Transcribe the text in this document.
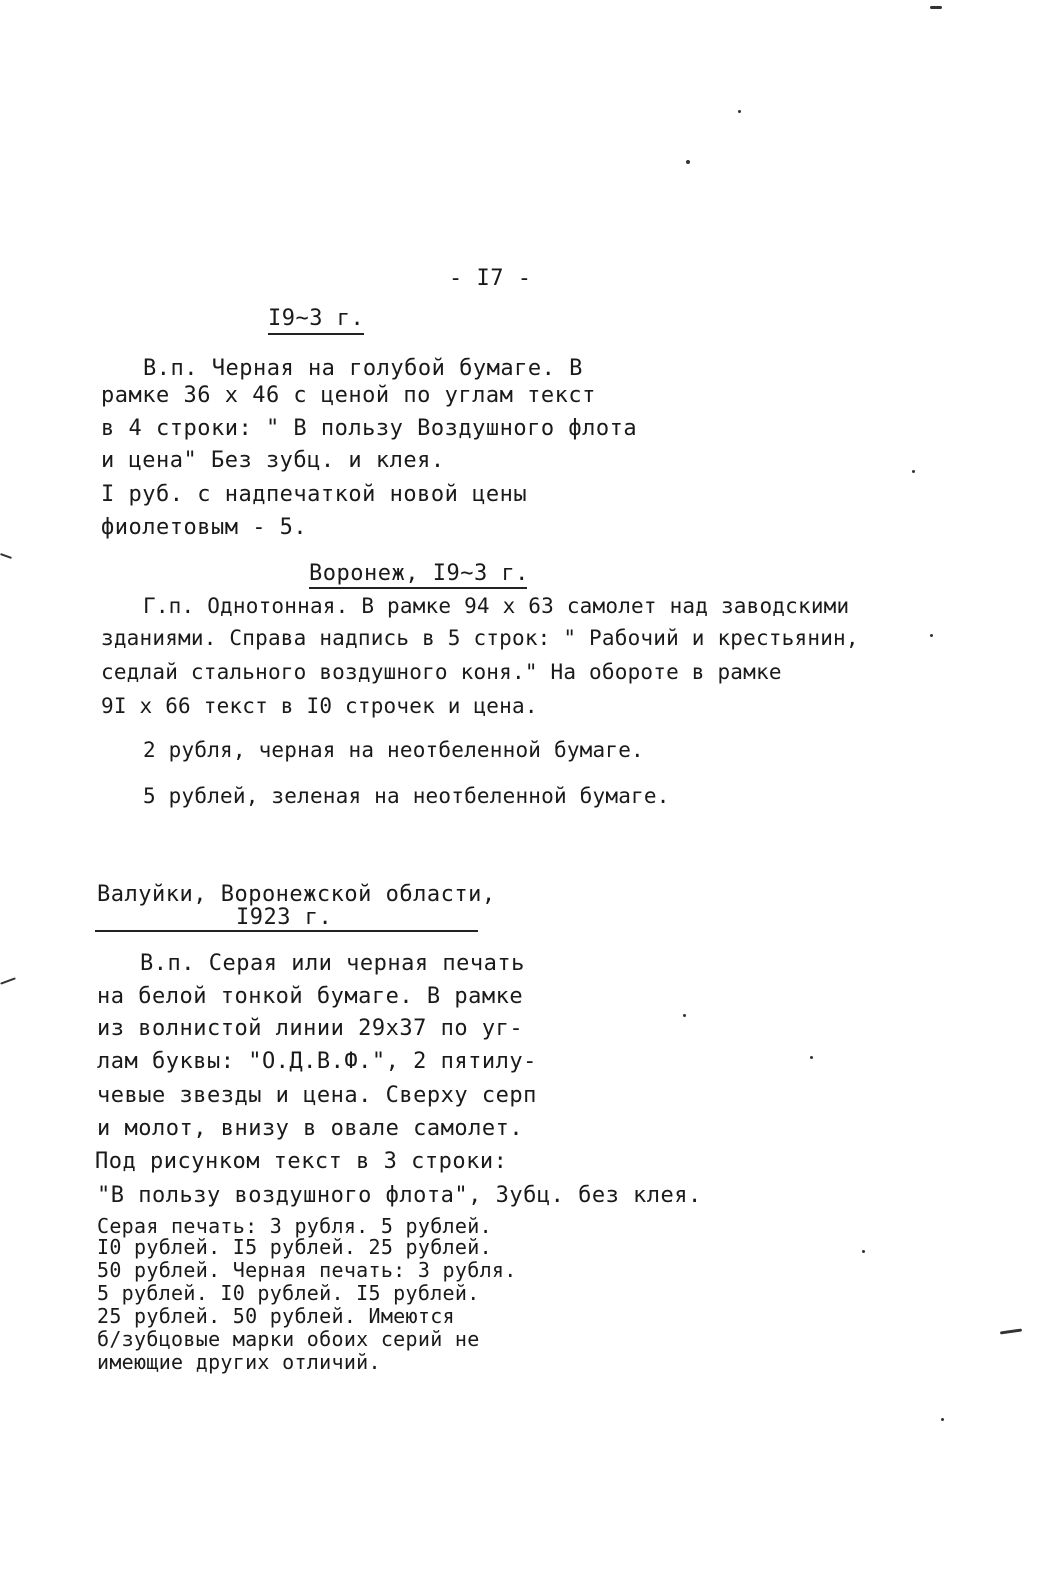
- I7 -
I9~3 г.
В.п. Черная на голубой бумаге. В
рамке 36 х 46 с ценой по углам текст
в 4 строки: " В пользу Воздушного флота
и цена" Без зубц. и клея.
I руб. с надпечаткой новой цены
фиолетовым - 5.
Воронеж, I9~3 г.
Г.п. Однотонная. В рамке 94 х 63 самолет над заводскими
зданиями. Справа надпись в 5 строк: " Рабочий и крестьянин,
седлай стального воздушного коня." На обороте в рамке
9I х 66 текст в I0 строчек и цена.
2 рубля, черная на неотбеленной бумаге.
5 рублей, зеленая на неотбеленной бумаге.
Валуйки, Воронежской области,
I923 г.
В.п. Серая или черная печать
на белой тонкой бумаге. В рамке
из волнистой линии 29х37 по уг-
лам буквы: "О.Д.В.Ф.", 2 пятилу-
чевые звезды и цена. Сверху серп
и молот, внизу в овале самолет.
Под рисунком текст в 3 строки:
"В пользу воздушного флота", Зубц. без клея.
Серая печать: 3 рубля. 5 рублей.
I0 рублей. I5 рублей. 25 рублей.
50 рублей. Черная печать: 3 рубля.
5 рублей. I0 рублей. I5 рублей.
25 рублей. 50 рублей. Имеются
б/зубцовые марки обоих серий не
имеющие других отличий.
